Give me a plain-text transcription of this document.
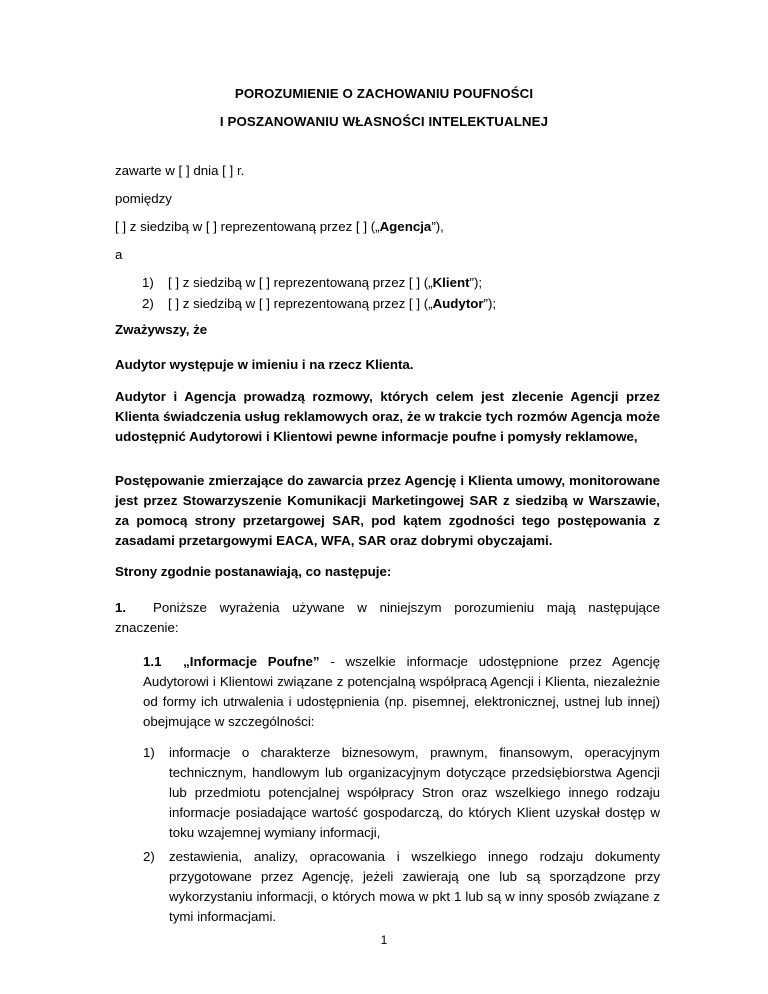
POROZUMIENIE O ZACHOWANIU POUFNOŚCI
I POSZANOWANIU WŁASNOŚCI INTELEKTUALNEJ
zawarte w [ ] dnia [ ] r.
pomiędzy
[ ] z siedzibą w [ ] reprezentowaną przez [ ] („Agencja”),
a
1) [ ] z siedzibą w [ ] reprezentowaną przez [ ] („Klient”);
2) [ ] z siedzibą w [ ] reprezentowaną przez [ ] („Audytor”);
Zważywszy, że
Audytor występuje w imieniu i na rzecz Klienta.
Audytor i Agencja prowadzą rozmowy, których celem jest zlecenie Agencji przez Klienta świadczenia usług reklamowych oraz, że w trakcie tych rozmów Agencja może udostępnić Audytorowi i Klientowi pewne informacje poufne i pomysły reklamowe,
Postępowanie zmierzające do zawarcia przez Agencję i Klienta umowy, monitorowane jest przez Stowarzyszenie Komunikacji Marketingowej SAR z siedzibą w Warszawie, za pomocą strony przetargowej SAR, pod kątem zgodności tego postępowania z zasadami przetargowymi EACA, WFA, SAR oraz dobrymi obyczajami.
Strony zgodnie postanawiają, co następuje:
1. Poniższe wyrażenia używane w niniejszym porozumieniu mają następujące znaczenie:
1.1 „Informacje Poufne” - wszelkie informacje udostępnione przez Agencję Audytorowi i Klientowi związane z potencjalną współpracą Agencji i Klienta, niezależnie od formy ich utrwalenia i udostępnienia (np. pisemnej, elektronicznej, ustnej lub innej) obejmujące w szczególności:
1) informacje o charakterze biznesowym, prawnym, finansowym, operacyjnym technicznym, handlowym lub organizacyjnym dotyczące przedsiębiorstwa Agencji lub przedmiotu potencjalnej współpracy Stron oraz wszelkiego innego rodzaju informacje posiadające wartość gospodarczą, do których Klient uzyskał dostęp w toku wzajemnej wymiany informacji,
2) zestawienia, analizy, opracowania i wszelkiego innego rodzaju dokumenty przygotowane przez Agencję, jeżeli zawierają one lub są sporządzone przy wykorzystaniu informacji, o których mowa w pkt 1 lub są w inny sposób związane z tymi informacjami.
1
